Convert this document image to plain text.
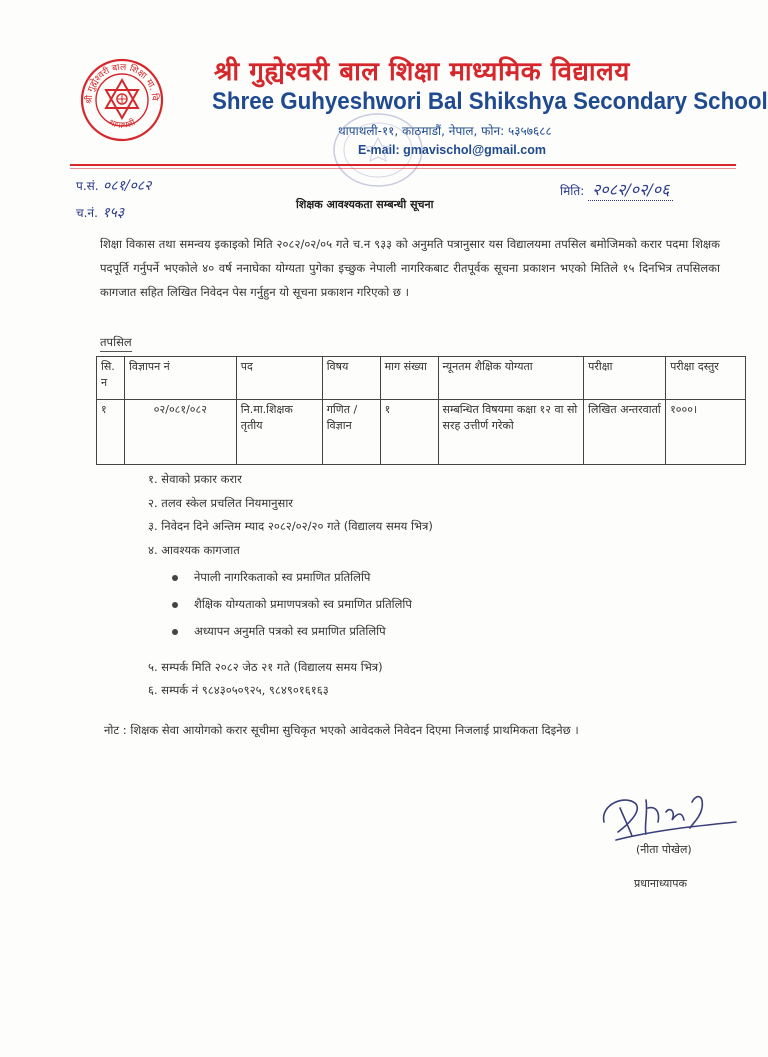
श्री गुह्येश्वरी बाल शिक्षा मा. वि
थापाथली
श्री गुह्येश्वरी बाल शिक्षा माध्यमिक विद्यालय
Shree Guhyeshwori Bal Shikshya Secondary School
थापाथली-११, काठमाडौं, नेपाल, फोन: ५३५७६८८
E-mail: gmavischol@gmail.com
प.सं. ०८१/०८२
च.नं. १५३
शिक्षक आवश्यकता सम्बन्धी सूचना
मिति: २०८२/०२/०६
शिक्षा विकास तथा समन्वय इकाइको मिति २०८२/०२/०५ गते च.न ९३३ को अनुमति पत्रानुसार यस विद्यालयमा तपसिल बमोजिमको करार पदमा शिक्षक पदपूर्ति गर्नुपर्ने भएकोले ४० वर्ष ननाघेका योग्यता पुगेका इच्छुक नेपाली नागरिकबाट रीतपूर्वक सूचना प्रकाशन भएको मितिले १५ दिनभित्र तपसिलका कागजात सहित लिखित निवेदन पेस गर्नुहुन यो सूचना प्रकाशन गरिएको छ ।
तपसिल
सि. न	विज्ञापन नं	पद	विषय	माग संख्या	न्यूनतम शैक्षिक योग्यता	परीक्षा	परीक्षा दस्तुर
१	०२/०८१/०८२	नि.मा.शिक्षक तृतीय	गणित /विज्ञान	१	सम्बन्धित विषयमा कक्षा १२ वा सो सरह उत्तीर्ण गरेको	लिखित अन्तरवार्ता	१०००।
१. सेवाको प्रकार करार
२. तलव स्केल प्रचलित नियमानुसार
३. निवेदन दिने अन्तिम म्याद २०८२/०२/२० गते (विद्यालय समय भित्र)
४. आवश्यक कागजात
नेपाली नागरिकताको स्व प्रमाणित प्रतिलिपि
शैक्षिक योग्यताको प्रमाणपत्रको स्व प्रमाणित प्रतिलिपि
अध्यापन अनुमति पत्रको स्व प्रमाणित प्रतिलिपि
५. सम्पर्क मिति २०८२ जेठ २१ गते (विद्यालय समय भित्र)
६. सम्पर्क नं ९८४३०५०९२५, ९८४९०१६१६३
नोट : शिक्षक सेवा आयोगको करार सूचीमा सुचिकृत भएको आवेदकले निवेदन दिएमा निजलाई प्राथमिकता दिइनेछ ।
(नीता पोखेल)
प्रधानाध्यापक
